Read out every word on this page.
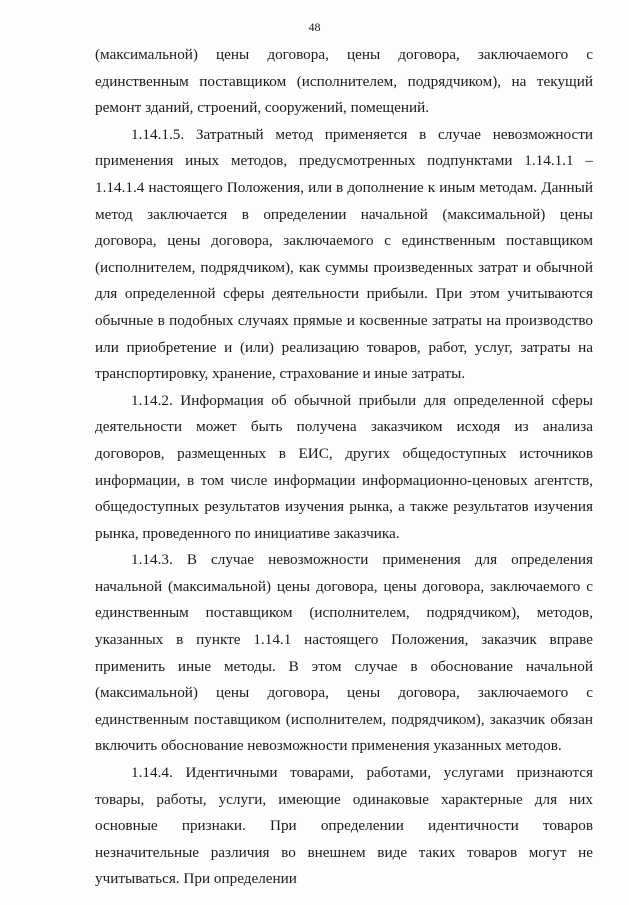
48

(максимальной) цены договора, цены договора, заключаемого с единственным поставщиком (исполнителем, подрядчиком), на текущий ремонт зданий, строений, сооружений, помещений.

1.14.1.5. Затратный метод применяется в случае невозможности применения иных методов, предусмотренных подпунктами 1.14.1.1 – 1.14.1.4 настоящего Положения, или в дополнение к иным методам. Данный метод заключается в определении начальной (максимальной) цены договора, цены договора, заключаемого с единственным поставщиком (исполнителем, подрядчиком), как суммы произведенных затрат и обычной для определенной сферы деятельности прибыли. При этом учитываются обычные в подобных случаях прямые и косвенные затраты на производство или приобретение и (или) реализацию товаров, работ, услуг, затраты на транспортировку, хранение, страхование и иные затраты.

1.14.2. Информация об обычной прибыли для определенной сферы деятельности может быть получена заказчиком исходя из анализа договоров, размещенных в ЕИС, других общедоступных источников информации, в том числе информации информационно-ценовых агентств, общедоступных результатов изучения рынка, а также результатов изучения рынка, проведенного по инициативе заказчика.

1.14.3. В случае невозможности применения для определения начальной (максимальной) цены договора, цены договора, заключаемого с единственным поставщиком (исполнителем, подрядчиком), методов, указанных в пункте 1.14.1 настоящего Положения, заказчик вправе применить иные методы. В этом случае в обоснование начальной (максимальной) цены договора, цены договора, заключаемого с единственным поставщиком (исполнителем, подрядчиком), заказчик обязан включить обоснование невозможности применения указанных методов.

1.14.4. Идентичными товарами, работами, услугами признаются товары, работы, услуги, имеющие одинаковые характерные для них основные признаки. При определении идентичности товаров незначительные различия во внешнем виде таких товаров могут не учитываться. При определении
